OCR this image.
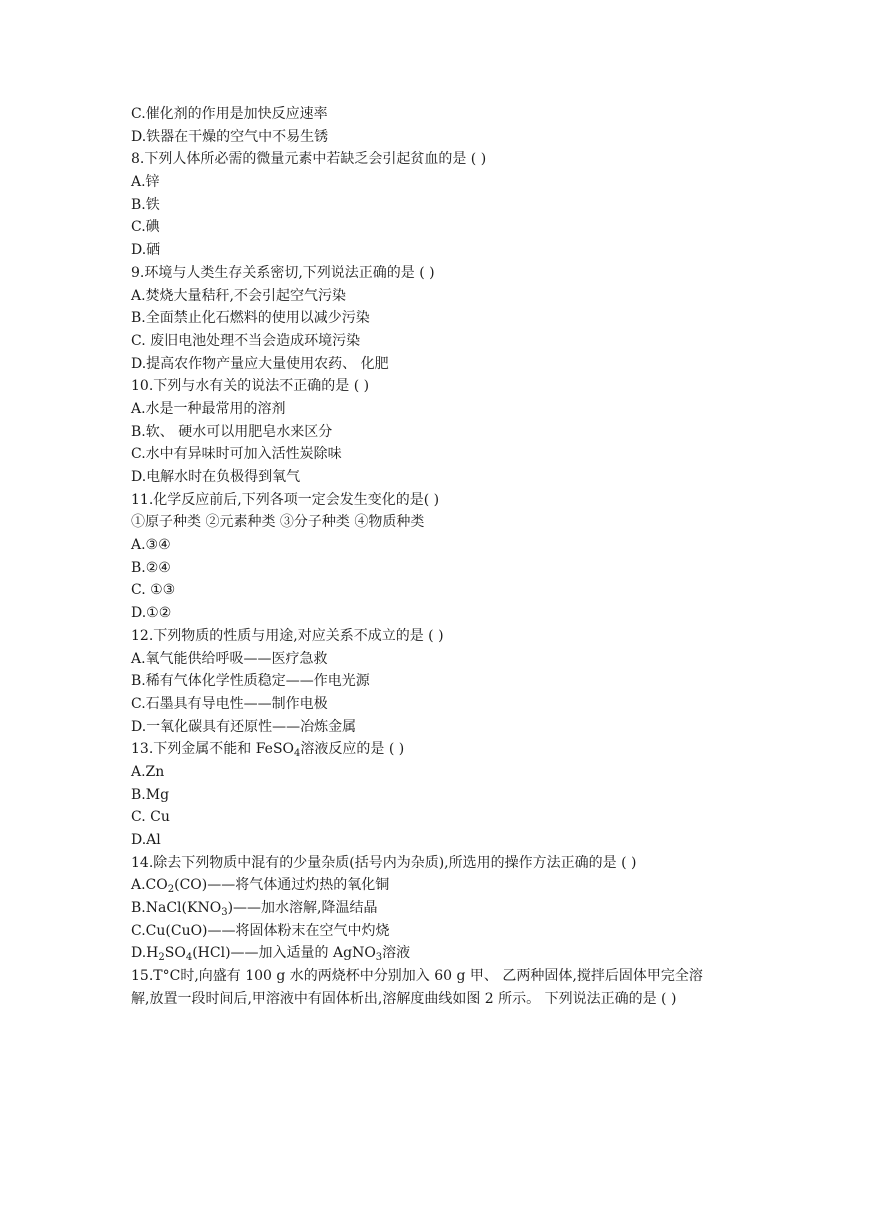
C.催化剂的作用是加快反应速率
D.铁器在干燥的空气中不易生锈
8.下列人体所必需的微量元素中若缺乏会引起贫血的是 ( )
A.锌
B.铁
C.碘
D.硒
9.环境与人类生存关系密切,下列说法正确的是 ( )
A.焚烧大量秸秆,不会引起空气污染
B.全面禁止化石燃料的使用以减少污染
C. 废旧电池处理不当会造成环境污染
D.提高农作物产量应大量使用农药、 化肥
10.下列与水有关的说法不正确的是 ( )
A.水是一种最常用的溶剂
B.软、 硬水可以用肥皂水来区分
C.水中有异味时可加入活性炭除味
D.电解水时在负极得到氧气
11.化学反应前后,下列各项一定会发生变化的是( )
①原子种类 ②元素种类 ③分子种类 ④物质种类
A.③④
B.②④
C. ①③
D.①②
12.下列物质的性质与用途,对应关系不成立的是 ( )
A.氧气能供给呼吸——医疗急救
B.稀有气体化学性质稳定——作电光源
C.石墨具有导电性——制作电极
D.一氧化碳具有还原性——冶炼金属
13.下列金属不能和 FeSO$_4$溶液反应的是 ( )
A.Zn
B.Mg
C. Cu
D.Al
14.除去下列物质中混有的少量杂质(括号内为杂质),所选用的操作方法正确的是 ( )
$A.CO_2(CO)——$将气体通过灼热的氧化铜
$B.NaCl(KNO_3)——$加水溶解,降温结晶
C.Cu(CuO)——将固体粉末在空气中灼烧
$D.H_2SO_4(HCl)——$加入适量的 AgNO$_3$溶液
15.T°C时,向盛有 100 g 水的两烧杯中分别加入 60 g 甲、 乙两种固体,搅拌后固体甲完全溶
解,放置一段时间后,甲溶液中有固体析出,溶解度曲线如图 2 所示。 下列说法正确的是 ( )
